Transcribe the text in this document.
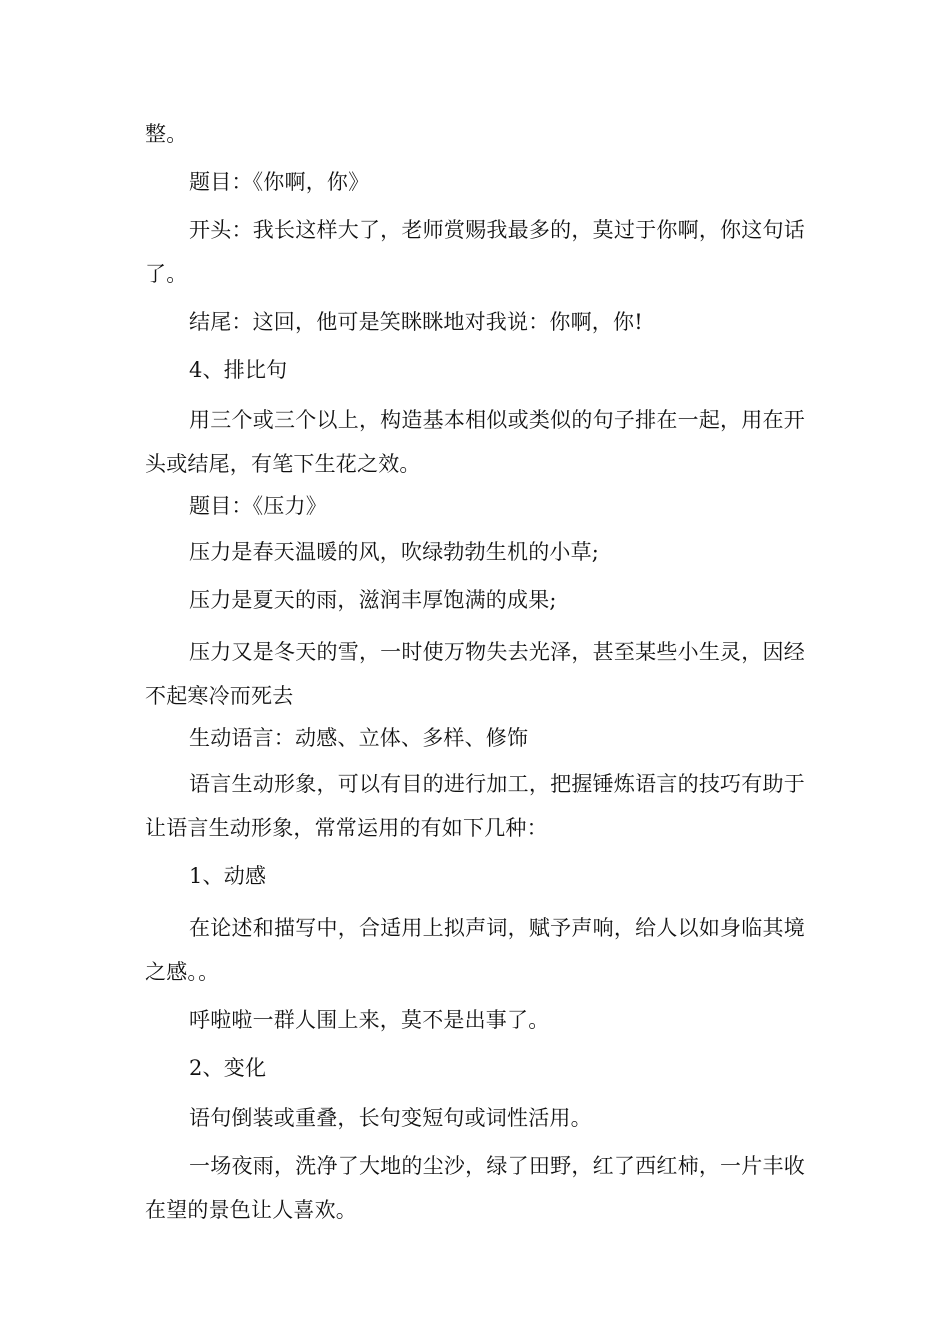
整。

题目：《你啊，你》

开头：我长这样大了，老师赏赐我最多的，莫过于你啊，你这句话了。

结尾：这回，他可是笑眯眯地对我说：你啊，你!

4、排比句

用三个或三个以上，构造基本相似或类似的句子排在一起，用在开头或结尾，有笔下生花之效。

题目：《压力》

压力是春天温暖的风，吹绿勃勃生机的小草;

压力是夏天的雨，滋润丰厚饱满的成果;

压力又是冬天的雪，一时使万物失去光泽，甚至某些小生灵，因经不起寒冷而死去

生动语言：动感、立体、多样、修饰

语言生动形象，可以有目的进行加工，把握锤炼语言的技巧有助于让语言生动形象，常常运用的有如下几种：

1、动感

在论述和描写中，合适用上拟声词，赋予声响，给人以如身临其境之感。。

呼啦啦一群人围上来，莫不是出事了。

2、变化

语句倒装或重叠，长句变短句或词性活用。

一场夜雨，洗净了大地的尘沙，绿了田野，红了西红柿，一片丰收在望的景色让人喜欢。
